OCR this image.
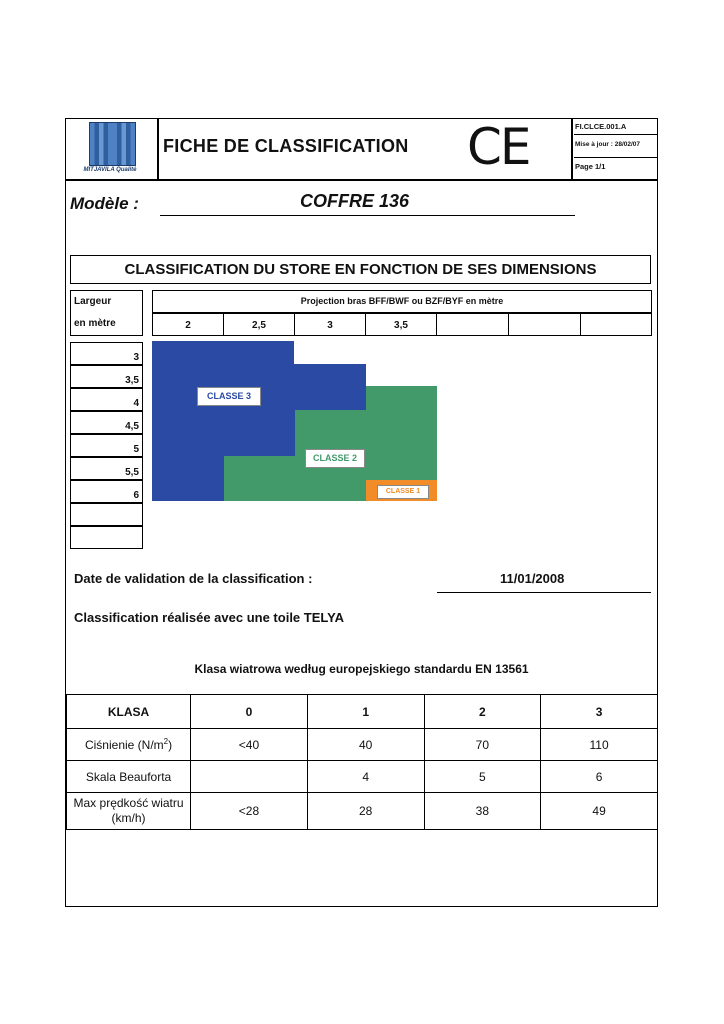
MITJAVILA Qualité
FICHE DE CLASSIFICATION CE	FI.CLCE.001.A
Mise à jour : 28/02/07
Page 1/1
Modèle :	COFFRE 136
CLASSIFICATION DU STORE EN FONCTION DE SES DIMENSIONS
Largeur
en mètre
Projection bras BFF/BWF ou BZF/BYF en mètre
2	2,5	3	3,5
3
3,5
4
4,5
5
5,5
6
CLASSE 3
CLASSE 2
CLASSE 1
Date de validation de la classification :	11/01/2008
Classification réalisée avec une toile TELYA
Klasa wiatrowa według europejskiego standardu EN 13561
KLASA	0	1	2	3
Ciśnienie $(N/m^2)$	<40	40	70	110
Skala Beauforta		4	5	6
Max prędkość wiatru (km/h)	<28	28	38	49
